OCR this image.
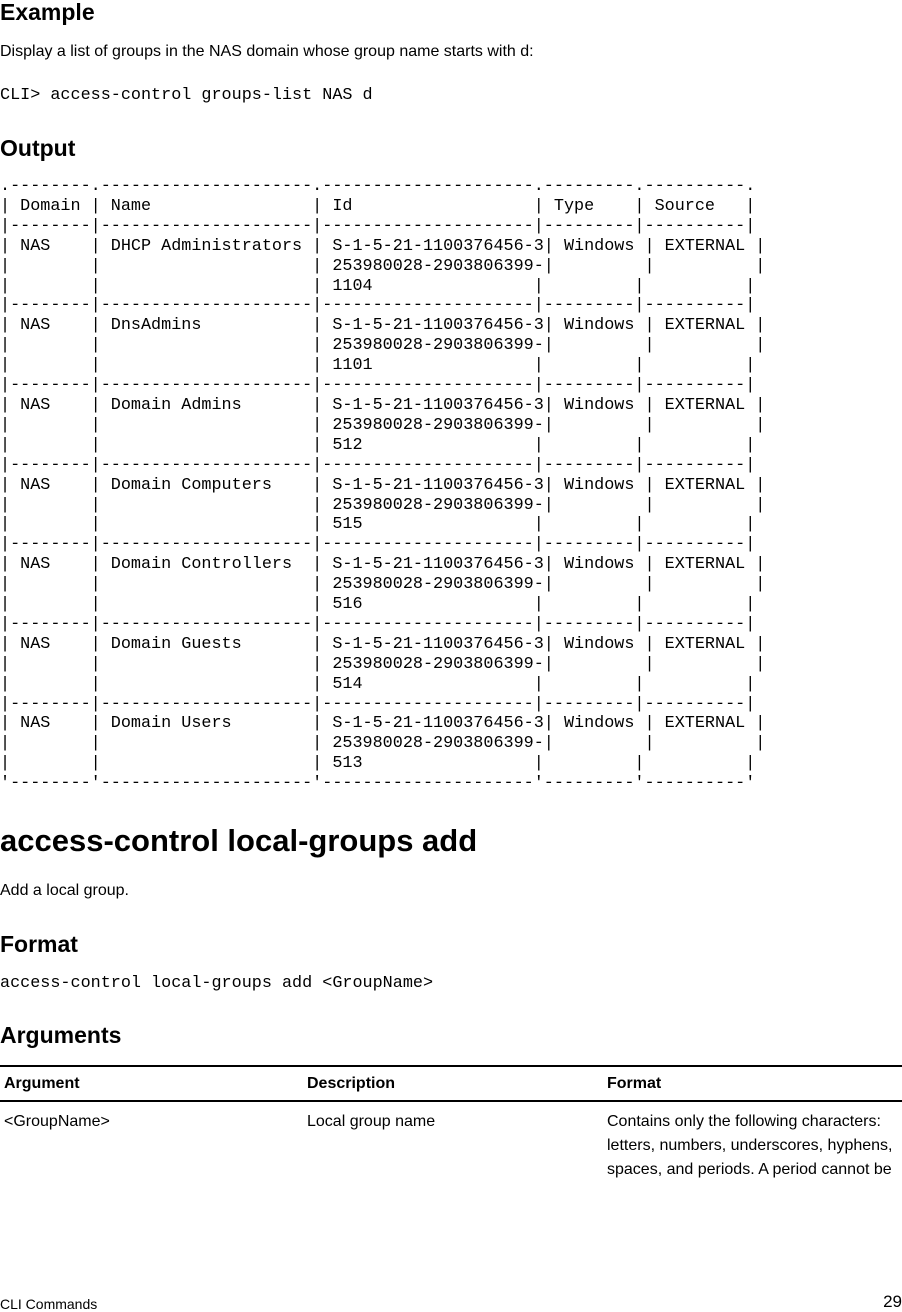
Example
Display a list of groups in the NAS domain whose group name starts with d:
CLI> access-control groups-list NAS d
Output
.--------.---------------------.---------------------.---------.----------.
| Domain | Name                | Id                  | Type    | Source   |
|--------|---------------------|---------------------|---------|----------|
| NAS    | DHCP Administrators | S-1-5-21-1100376456-3| Windows | EXTERNAL |
|        |                     | 253980028-2903806399-|         |          |
|        |                     | 1104                |         |          |
|--------|---------------------|---------------------|---------|----------|
| NAS    | DnsAdmins           | S-1-5-21-1100376456-3| Windows | EXTERNAL |
|        |                     | 253980028-2903806399-|         |          |
|        |                     | 1101                |         |          |
|--------|---------------------|---------------------|---------|----------|
| NAS    | Domain Admins       | S-1-5-21-1100376456-3| Windows | EXTERNAL |
|        |                     | 253980028-2903806399-|         |          |
|        |                     | 512                 |         |          |
|--------|---------------------|---------------------|---------|----------|
| NAS    | Domain Computers    | S-1-5-21-1100376456-3| Windows | EXTERNAL |
|        |                     | 253980028-2903806399-|         |          |
|        |                     | 515                 |         |          |
|--------|---------------------|---------------------|---------|----------|
| NAS    | Domain Controllers  | S-1-5-21-1100376456-3| Windows | EXTERNAL |
|        |                     | 253980028-2903806399-|         |          |
|        |                     | 516                 |         |          |
|--------|---------------------|---------------------|---------|----------|
| NAS    | Domain Guests       | S-1-5-21-1100376456-3| Windows | EXTERNAL |
|        |                     | 253980028-2903806399-|         |          |
|        |                     | 514                 |         |          |
|--------|---------------------|---------------------|---------|----------|
| NAS    | Domain Users        | S-1-5-21-1100376456-3| Windows | EXTERNAL |
|        |                     | 253980028-2903806399-|         |          |
|        |                     | 513                 |         |          |
'--------'---------------------'---------------------'---------'----------'
access-control local-groups add
Add a local group.
Format
access-control local-groups add <GroupName>
Arguments
Argument	Description	Format
<GroupName>	Local group name	Contains only the following characters: letters, numbers, underscores, hyphens, spaces, and periods. A period cannot be
CLI Commands	29
